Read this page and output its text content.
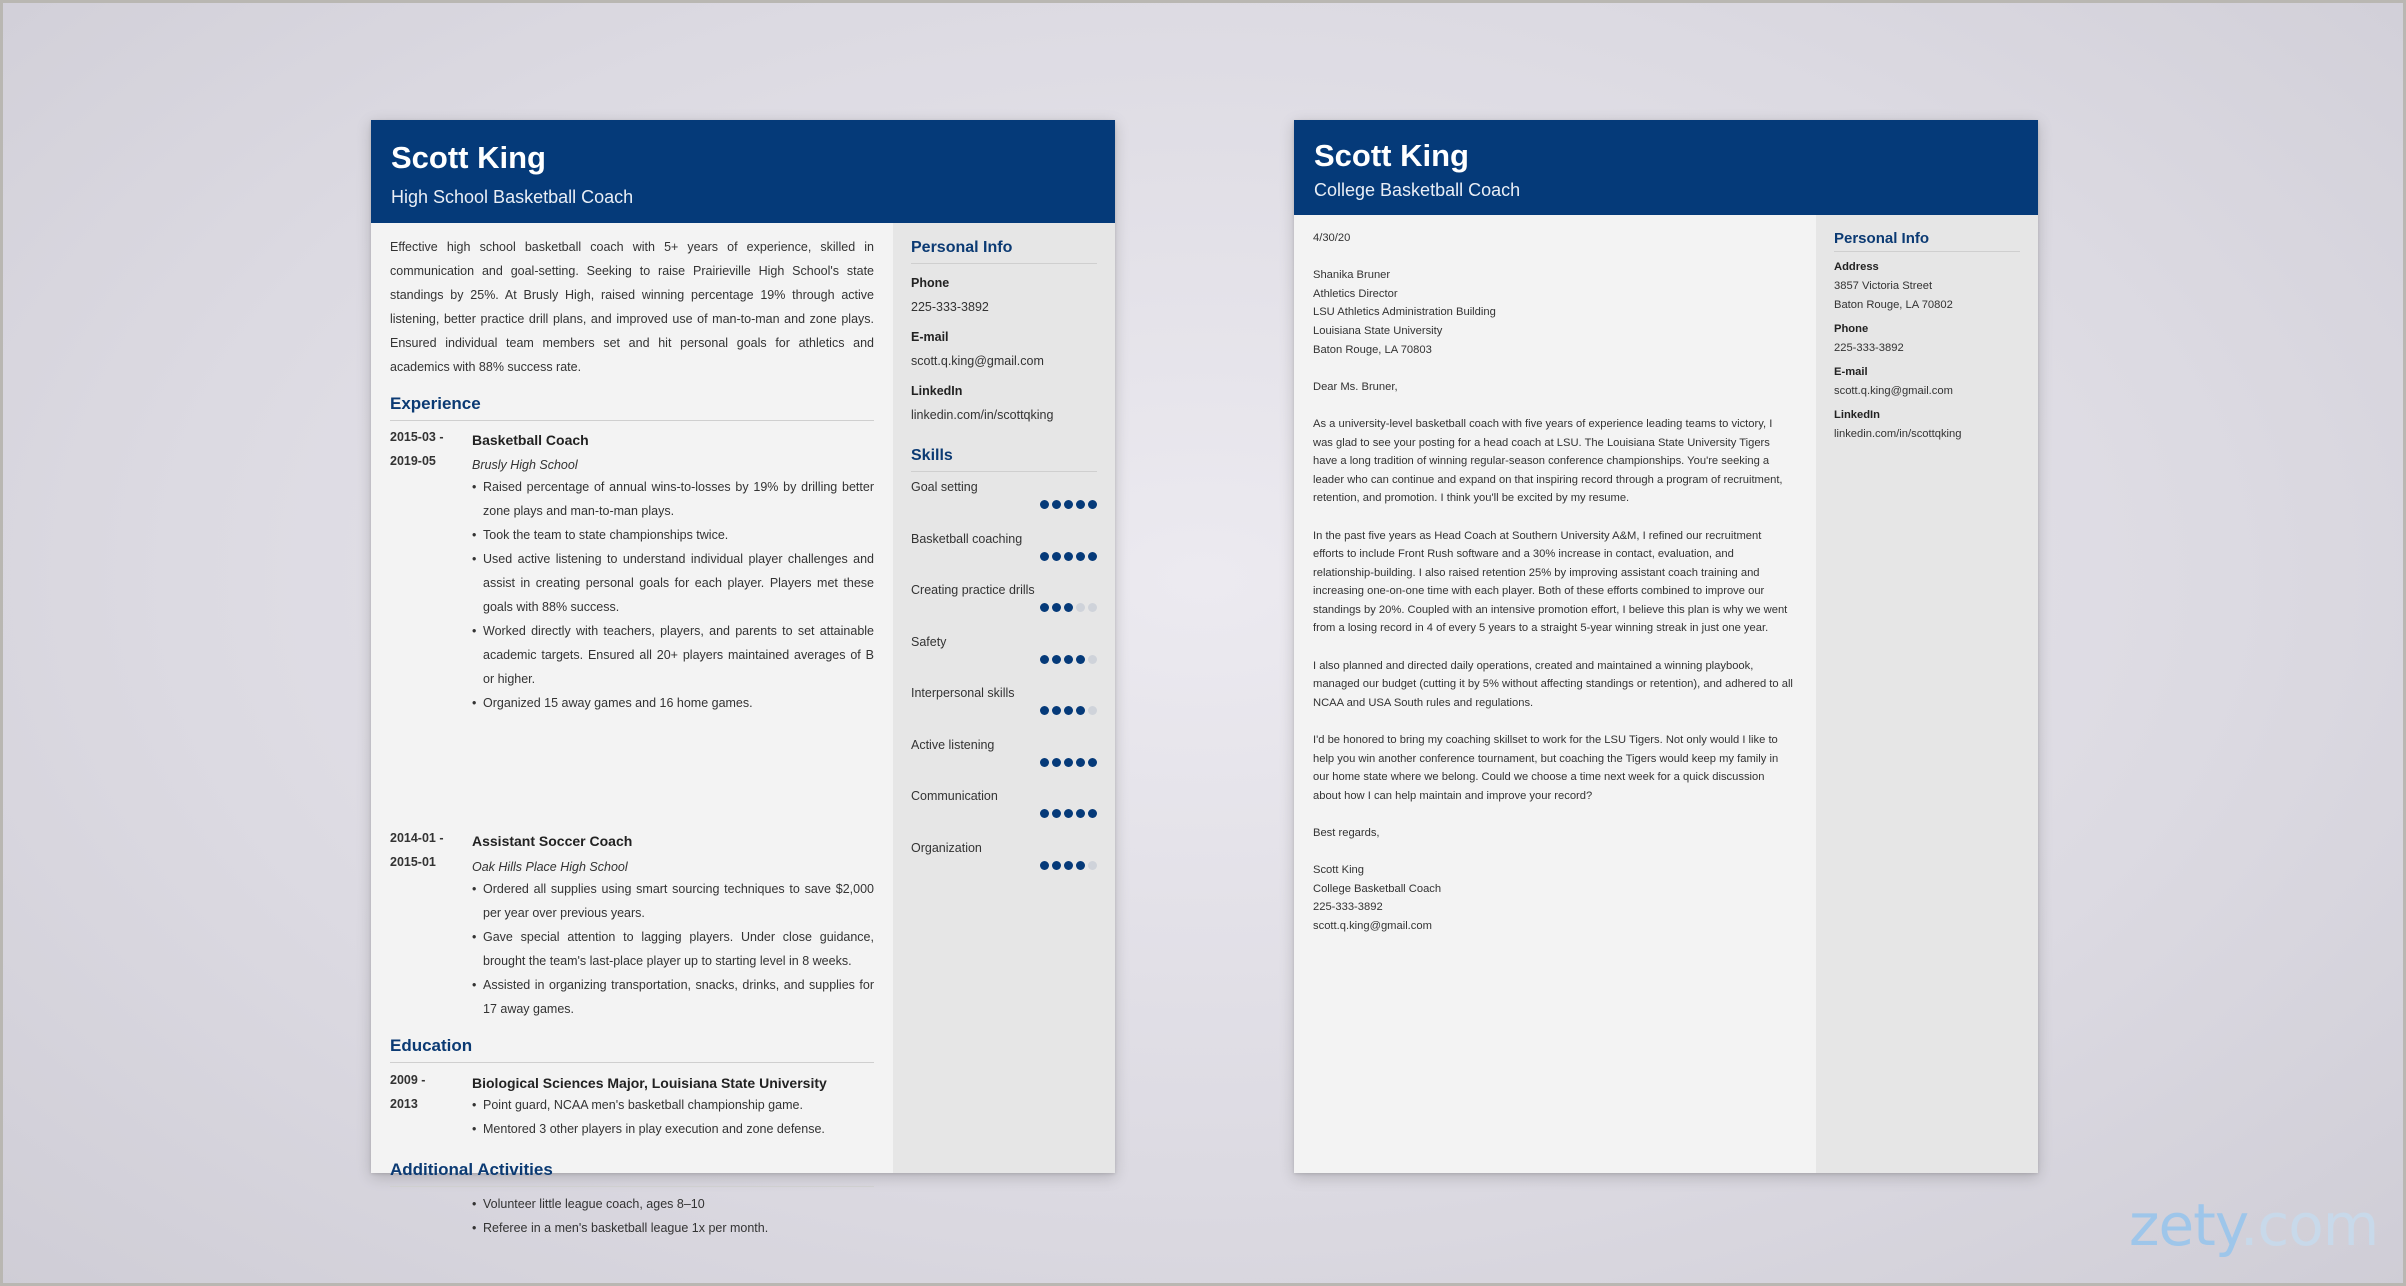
Scott King
High School Basketball Coach
Effective high school basketball coach with 5+ years of experience, skilled in communication and goal-setting. Seeking to raise Prairieville High School's state standings by 25%. At Brusly High, raised winning percentage 19% through active listening, better practice drill plans, and improved use of man-to-man and zone plays. Ensured individual team members set and hit personal goals for athletics and academics with 88% success rate.
Experience
2015-03 -
2019-05
Basketball Coach
Brusly High School
• Raised percentage of annual wins-to-losses by 19% by drilling better zone plays and man-to-man plays.
• Took the team to state championships twice.
• Used active listening to understand individual player challenges and assist in creating personal goals for each player. Players met these goals with 88% success.
• Worked directly with teachers, players, and parents to set attainable academic targets. Ensured all 20+ players maintained averages of B or higher.
• Organized 15 away games and 16 home games.
2014-01 -
2015-01
Assistant Soccer Coach
Oak Hills Place High School
• Ordered all supplies using smart sourcing techniques to save $2,000 per year over previous years.
• Gave special attention to lagging players. Under close guidance, brought the team's last-place player up to starting level in 8 weeks.
• Assisted in organizing transportation, snacks, drinks, and supplies for 17 away games.
Education
2009 -
2013
Biological Sciences Major, Louisiana State University
• Point guard, NCAA men's basketball championship game.
• Mentored 3 other players in play execution and zone defense.
Additional Activities
• Volunteer little league coach, ages 8–10
• Referee in a men's basketball league 1x per month.
Personal Info
Phone
225-333-3892
E-mail
scott.q.king@gmail.com
LinkedIn
linkedin.com/in/scottqking
Skills
Goal setting
Basketball coaching
Creating practice drills
Safety
Interpersonal skills
Active listening
Communication
Organization
Scott King
College Basketball Coach

4/30/20

Shanika Bruner
Athletics Director
LSU Athletics Administration Building
Louisiana State University
Baton Rouge, LA 70803

Dear Ms. Bruner,

As a university-level basketball coach with five years of experience leading teams to victory, I
was glad to see your posting for a head coach at LSU. The Louisiana State University Tigers
have a long tradition of winning regular-season conference championships. You're seeking a
leader who can continue and expand on that inspiring record through a program of recruitment,
retention, and promotion. I think you'll be excited by my resume.

In the past five years as Head Coach at Southern University A&M, I refined our recruitment
efforts to include Front Rush software and a 30% increase in contact, evaluation, and
relationship-building. I also raised retention 25% by improving assistant coach training and
increasing one-on-one time with each player. Both of these efforts combined to improve our
standings by 20%. Coupled with an intensive promotion effort, I believe this plan is why we went
from a losing record in 4 of every 5 years to a straight 5-year winning streak in just one year.

I also planned and directed daily operations, created and maintained a winning playbook,
managed our budget (cutting it by 5% without affecting standings or retention), and adhered to all
NCAA and USA South rules and regulations.

I'd be honored to bring my coaching skillset to work for the LSU Tigers. Not only would I like to
help you win another conference tournament, but coaching the Tigers would keep my family in
our home state where we belong. Could we choose a time next week for a quick discussion
about how I can help maintain and improve your record?

Best regards,

Scott King
College Basketball Coach
225-333-3892
scott.q.king@gmail.com

Personal Info
Address
3857 Victoria Street
Baton Rouge, LA 70802
Phone
225-333-3892
E-mail
scott.q.king@gmail.com
LinkedIn
linkedin.com/in/scottqking
zety.com
